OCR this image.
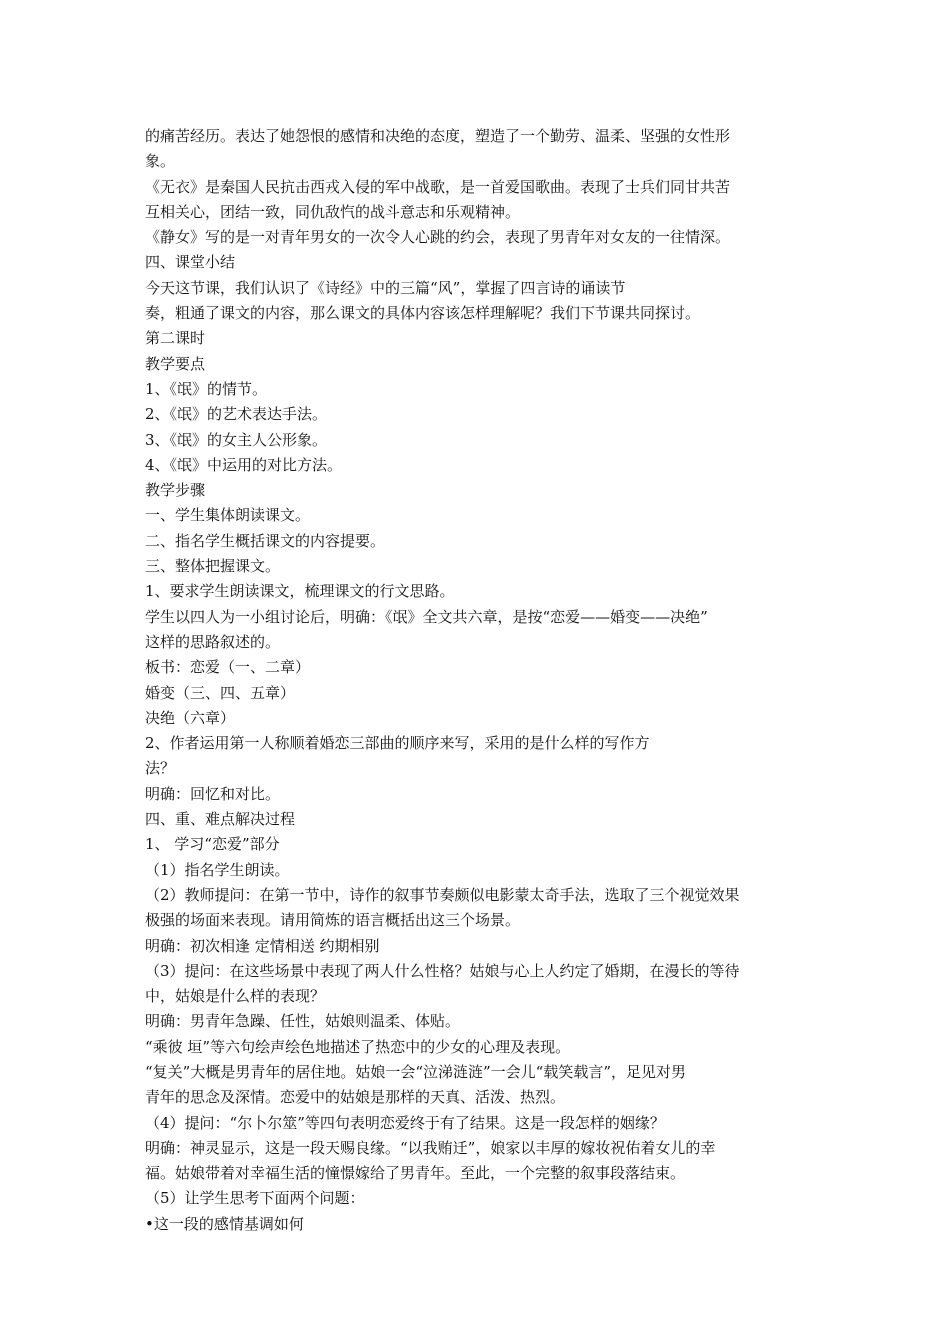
的痛苦经历。表达了她怨恨的感情和决绝的态度，塑造了一个勤劳、温柔、坚强的女性形

象。

《无衣》是秦国人民抗击西戎入侵的军中战歌，是一首爱国歌曲。表现了士兵们同甘共苦

互相关心，团结一致，同仇敌忾的战斗意志和乐观精神。

《静女》写的是一对青年男女的一次令人心跳的约会，表现了男青年对女友的一往情深。

四、课堂小结

今天这节课，我们认识了《诗经》中的三篇“风”，掌握了四言诗的诵读节

奏，粗通了课文的内容，那么课文的具体内容该怎样理解呢？我们下节课共同探讨。

第二课时

教学要点

1、《氓》的情节。

2、《氓》的艺术表达手法。

3、《氓》的女主人公形象。

4、《氓》中运用的对比方法。

教学步骤

一、学生集体朗读课文。

二、指名学生概括课文的内容提要。

三、整体把握课文。

1、要求学生朗读课文，梳理课文的行文思路。

学生以四人为一小组讨论后，明确：《氓》全文共六章，是按“恋爱——婚变——决绝”

这样的思路叙述的。

板书：恋爱（一、二章）

婚变（三、四、五章）

决绝（六章）

2、作者运用第一人称顺着婚恋三部曲的顺序来写，采用的是什么样的写作方

法？

明确：回忆和对比。

四、重、难点解决过程

1、 学习“恋爱”部分

（1）指名学生朗读。

（2）教师提问：在第一节中，诗作的叙事节奏颇似电影蒙太奇手法，选取了三个视觉效果

极强的场面来表现。请用简炼的语言概括出这三个场景。

明确：初次相逢 定情相送 约期相别

（3）提问：在这些场景中表现了两人什么性格？姑娘与心上人约定了婚期，在漫长的等待

中，姑娘是什么样的表现？

明确：男青年急躁、任性，姑娘则温柔、体贴。

“乘彼 垣”等六句绘声绘色地描述了热恋中的少女的心理及表现。

“复关”大概是男青年的居住地。姑娘一会“泣涕涟涟”一会儿“载笑载言”，足见对男

青年的思念及深情。恋爱中的姑娘是那样的天真、活泼、热烈。

（4）提问：“尔卜尔筮”等四句表明恋爱终于有了结果。这是一段怎样的姻缘？

明确：神灵显示，这是一段天赐良缘。“以我贿迁”，娘家以丰厚的嫁妆祝佑着女儿的幸

福。姑娘带着对幸福生活的憧憬嫁给了男青年。至此，一个完整的叙事段落结束。

（5）让学生思考下面两个问题：

•这一段的感情基调如何
